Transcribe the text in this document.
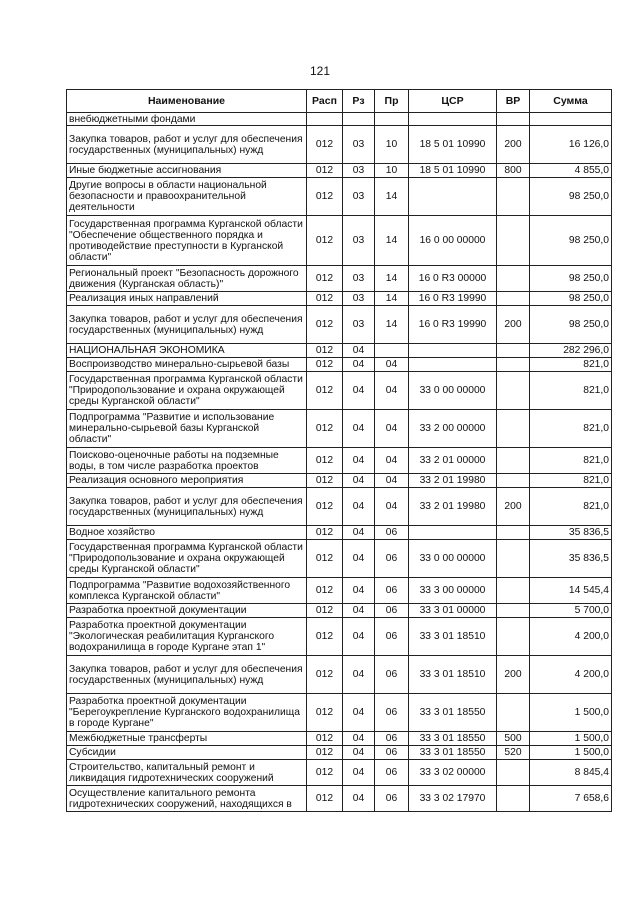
121
Наименование	Расп	Рз	Пр	ЦСР	ВР	Сумма
внебюджетными фондами						
Закупка товаров, работ и услуг для обеспечения государственных (муниципальных) нужд	012	03	10	18 5 01 10990	200	16 126,0
Иные бюджетные ассигнования	012	03	10	18 5 01 10990	800	4 855,0
Другие вопросы в области национальной безопасности и правоохранительной деятельности	012	03	14			98 250,0
Государственная программа Курганской области "Обеспечение общественного порядка и противодействие преступности в Курганской области"	012	03	14	16 0 00 00000		98 250,0
Региональный проект "Безопасность дорожного движения (Курганская область)"	012	03	14	16 0 R3 00000		98 250,0
Реализация иных направлений	012	03	14	16 0 R3 19990		98 250,0
Закупка товаров, работ и услуг для обеспечения государственных (муниципальных) нужд	012	03	14	16 0 R3 19990	200	98 250,0
НАЦИОНАЛЬНАЯ ЭКОНОМИКА	012	04				282 296,0
Воспроизводство минерально-сырьевой базы	012	04	04			821,0
Государственная программа Курганской области "Природопользование и охрана окружающей среды Курганской области"	012	04	04	33 0 00 00000		821,0
Подпрограмма "Развитие и использование минерально-сырьевой базы Курганской области"	012	04	04	33 2 00 00000		821,0
Поисково-оценочные работы на подземные воды, в том числе разработка проектов	012	04	04	33 2 01 00000		821,0
Реализация основного мероприятия	012	04	04	33 2 01 19980		821,0
Закупка товаров, работ и услуг для обеспечения государственных (муниципальных) нужд	012	04	04	33 2 01 19980	200	821,0
Водное хозяйство	012	04	06			35 836,5
Государственная программа Курганской области "Природопользование и охрана окружающей среды Курганской области"	012	04	06	33 0 00 00000		35 836,5
Подпрограмма "Развитие водохозяйственного комплекса Курганской области"	012	04	06	33 3 00 00000		14 545,4
Разработка проектной документации	012	04	06	33 3 01 00000		5 700,0
Разработка проектной документации "Экологическая реабилитация Курганского водохранилища в городе Кургане этап 1"	012	04	06	33 3 01 18510		4 200,0
Закупка товаров, работ и услуг для обеспечения государственных (муниципальных) нужд	012	04	06	33 3 01 18510	200	4 200,0
Разработка проектной документации "Берегоукрепление Курганского водохранилища в городе Кургане"	012	04	06	33 3 01 18550		1 500,0
Межбюджетные трансферты	012	04	06	33 3 01 18550	500	1 500,0
Субсидии	012	04	06	33 3 01 18550	520	1 500,0
Строительство, капитальный ремонт и ликвидация гидротехнических сооружений	012	04	06	33 3 02 00000		8 845,4
Осуществление капитального ремонта гидротехнических сооружений, находящихся в	012	04	06	33 3 02 17970		7 658,6
